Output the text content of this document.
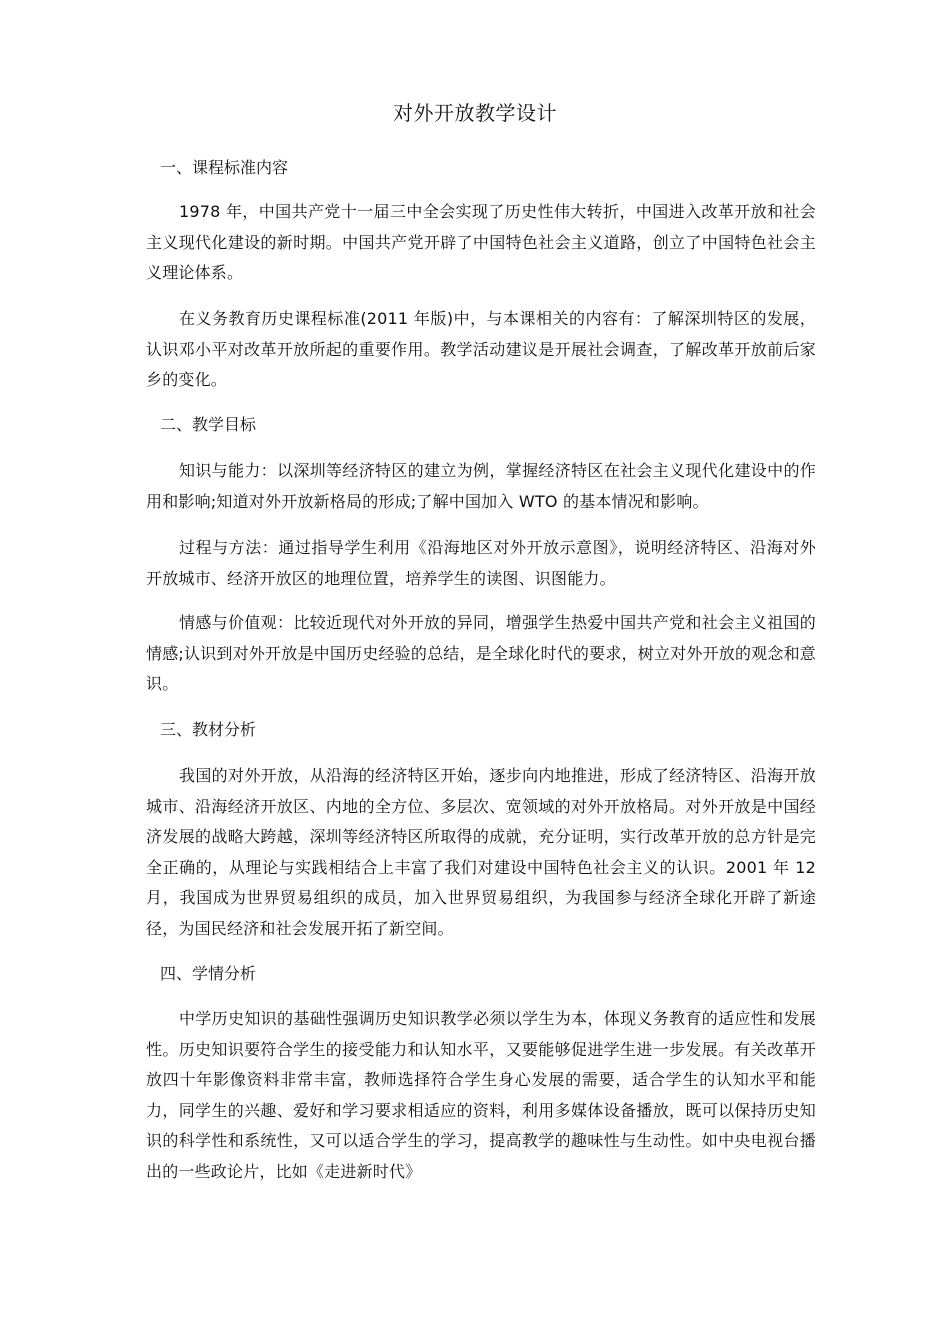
对外开放教学设计
一、课程标准内容
1978 年，中国共产党十一届三中全会实现了历史性伟大转折，中国进入改革开放和社会主义现代化建设的新时期。中国共产党开辟了中国特色社会主义道路，创立了中国特色社会主义理论体系。
在义务教育历史课程标准(2011 年版)中，与本课相关的内容有：了解深圳特区的发展，认识邓小平对改革开放所起的重要作用。教学活动建议是开展社会调查，了解改革开放前后家乡的变化。
二、教学目标
知识与能力：以深圳等经济特区的建立为例，掌握经济特区在社会主义现代化建设中的作用和影响;知道对外开放新格局的形成;了解中国加入 WTO 的基本情况和影响。
过程与方法：通过指导学生利用《沿海地区对外开放示意图》，说明经济特区、沿海对外开放城市、经济开放区的地理位置，培养学生的读图、识图能力。
情感与价值观：比较近现代对外开放的异同，增强学生热爱中国共产党和社会主义祖国的情感;认识到对外开放是中国历史经验的总结，是全球化时代的要求，树立对外开放的观念和意识。
三、教材分析
我国的对外开放，从沿海的经济特区开始，逐步向内地推进，形成了经济特区、沿海开放城市、沿海经济开放区、内地的全方位、多层次、宽领域的对外开放格局。对外开放是中国经济发展的战略大跨越，深圳等经济特区所取得的成就，充分证明，实行改革开放的总方针是完全正确的，从理论与实践相结合上丰富了我们对建设中国特色社会主义的认识。2001 年 12 月，我国成为世界贸易组织的成员，加入世界贸易组织，为我国参与经济全球化开辟了新途径，为国民经济和社会发展开拓了新空间。
四、学情分析
中学历史知识的基础性强调历史知识教学必须以学生为本，体现义务教育的适应性和发展性。历史知识要符合学生的接受能力和认知水平，又要能够促进学生进一步发展。有关改革开放四十年影像资料非常丰富，教师选择符合学生身心发展的需要，适合学生的认知水平和能力，同学生的兴趣、爱好和学习要求相适应的资料，利用多媒体设备播放，既可以保持历史知识的科学性和系统性，又可以适合学生的学习，提高教学的趣味性与生动性。如中央电视台播出的一些政论片，比如《走进新时代》
